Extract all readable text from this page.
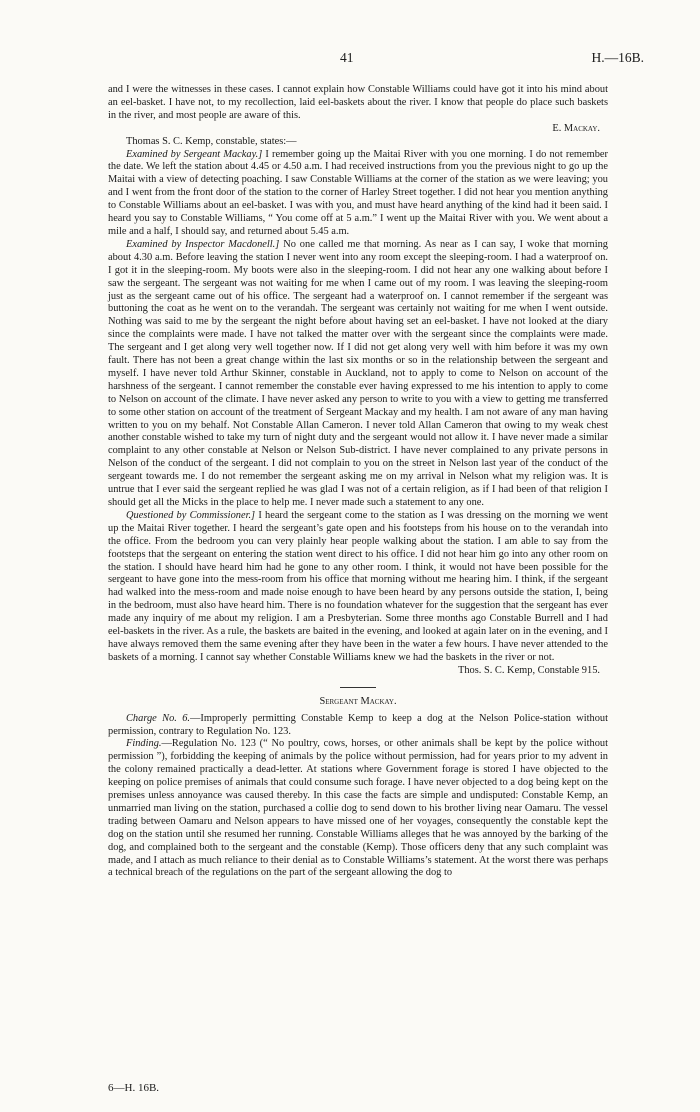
41	H.—16B.

and I were the witnesses in these cases. I cannot explain how Constable Williams could have got it into his mind about an eel-basket. I have not, to my recollection, laid eel-baskets about the river. I know that people do place such baskets in the river, and most people are aware of this.

E. Mackay.

Thomas S. C. Kemp, constable, states:—

Examined by Sergeant Mackay.] I remember going up the Maitai River with you one morning. I do not remember the date. We left the station about 4.45 or 4.50 a.m. I had received instructions from you the previous night to go up the Maitai with a view of detecting poaching. I saw Constable Williams at the corner of the station as we were leaving; you and I went from the front door of the station to the corner of Harley Street together. I did not hear you mention anything to Constable Williams about an eel-basket. I was with you, and must have heard anything of the kind had it been said. I heard you say to Constable Williams, “ You come off at 5 a.m.” I went up the Maitai River with you. We went about a mile and a half, I should say, and returned about 5.45 a.m.

Examined by Inspector Macdonell.] No one called me that morning. As near as I can say, I woke that morning about 4.30 a.m. Before leaving the station I never went into any room except the sleeping-room. I had a waterproof on. I got it in the sleeping-room. My boots were also in the sleeping-room. I did not hear any one walking about before I saw the sergeant. The sergeant was not waiting for me when I came out of my room. I was leaving the sleeping-room just as the sergeant came out of his office. The sergeant had a waterproof on. I cannot remember if the sergeant was buttoning the coat as he went on to the verandah. The sergeant was certainly not waiting for me when I went outside. Nothing was said to me by the sergeant the night before about having set an eel-basket. I have not looked at the diary since the complaints were made. I have not talked the matter over with the sergeant since the complaints were made. The sergeant and I get along very well together now. If I did not get along very well with him before it was my own fault. There has not been a great change within the last six months or so in the relationship between the sergeant and myself. I have never told Arthur Skinner, constable in Auckland, not to apply to come to Nelson on account of the harshness of the sergeant. I cannot remember the constable ever having expressed to me his intention to apply to come to Nelson on account of the climate. I have never asked any person to write to you with a view to getting me transferred to some other station on account of the treatment of Sergeant Mackay and my health. I am not aware of any man having written to you on my behalf. Not Constable Allan Cameron. I never told Allan Cameron that owing to my weak chest another constable wished to take my turn of night duty and the sergeant would not allow it. I have never made a similar complaint to any other constable at Nelson or Nelson Sub-district. I have never complained to any private persons in Nelson of the conduct of the sergeant. I did not complain to you on the street in Nelson last year of the conduct of the sergeant towards me. I do not remember the sergeant asking me on my arrival in Nelson what my religion was. It is untrue that I ever said the sergeant replied he was glad I was not of a certain religion, as if I had been of that religion I should get all the Micks in the place to help me. I never made such a statement to any one.

Questioned by Commissioner.] I heard the sergeant come to the station as I was dressing on the morning we went up the Maitai River together. I heard the sergeant’s gate open and his footsteps from his house on to the verandah into the office. From the bedroom you can very plainly hear people walking about the station. I am able to say from the footsteps that the sergeant on entering the station went direct to his office. I did not hear him go into any other room on the station. I should have heard him had he gone to any other room. I think, it would not have been possible for the sergeant to have gone into the mess-room from his office that morning without me hearing him. I think, if the sergeant had walked into the mess-room and made noise enough to have been heard by any persons outside the station, I, being in the bedroom, must also have heard him. There is no foundation whatever for the suggestion that the sergeant has ever made any inquiry of me about my religion. I am a Presbyterian. Some three months ago Constable Burrell and I had eel-baskets in the river. As a rule, the baskets are baited in the evening, and looked at again later on in the evening, and I have always removed them the same evening after they have been in the water a few hours. I have never attended to the baskets of a morning. I cannot say whether Constable Williams knew we had the baskets in the river or not.

Thos. S. C. Kemp, Constable 915.

Sergeant Mackay.

Charge No. 6.—Improperly permitting Constable Kemp to keep a dog at the Nelson Police-station without permission, contrary to Regulation No. 123.

Finding.—Regulation No. 123 (“ No poultry, cows, horses, or other animals shall be kept by the police without permission ”), forbidding the keeping of animals by the police without permission, had for years prior to my advent in the colony remained practically a dead-letter. At stations where Government forage is stored I have objected to the keeping on police premises of animals that could consume such forage. I have never objected to a dog being kept on the premises unless annoyance was caused thereby. In this case the facts are simple and undisputed: Constable Kemp, an unmarried man living on the station, purchased a collie dog to send down to his brother living near Oamaru. The vessel trading between Oamaru and Nelson appears to have missed one of her voyages, consequently the constable kept the dog on the station until she resumed her running. Constable Williams alleges that he was annoyed by the barking of the dog, and complained both to the sergeant and the constable (Kemp). Those officers deny that any such complaint was made, and I attach as much reliance to their denial as to Constable Williams’s statement. At the worst there was perhaps a technical breach of the regulations on the part of the sergeant allowing the dog to

6—H. 16B.
